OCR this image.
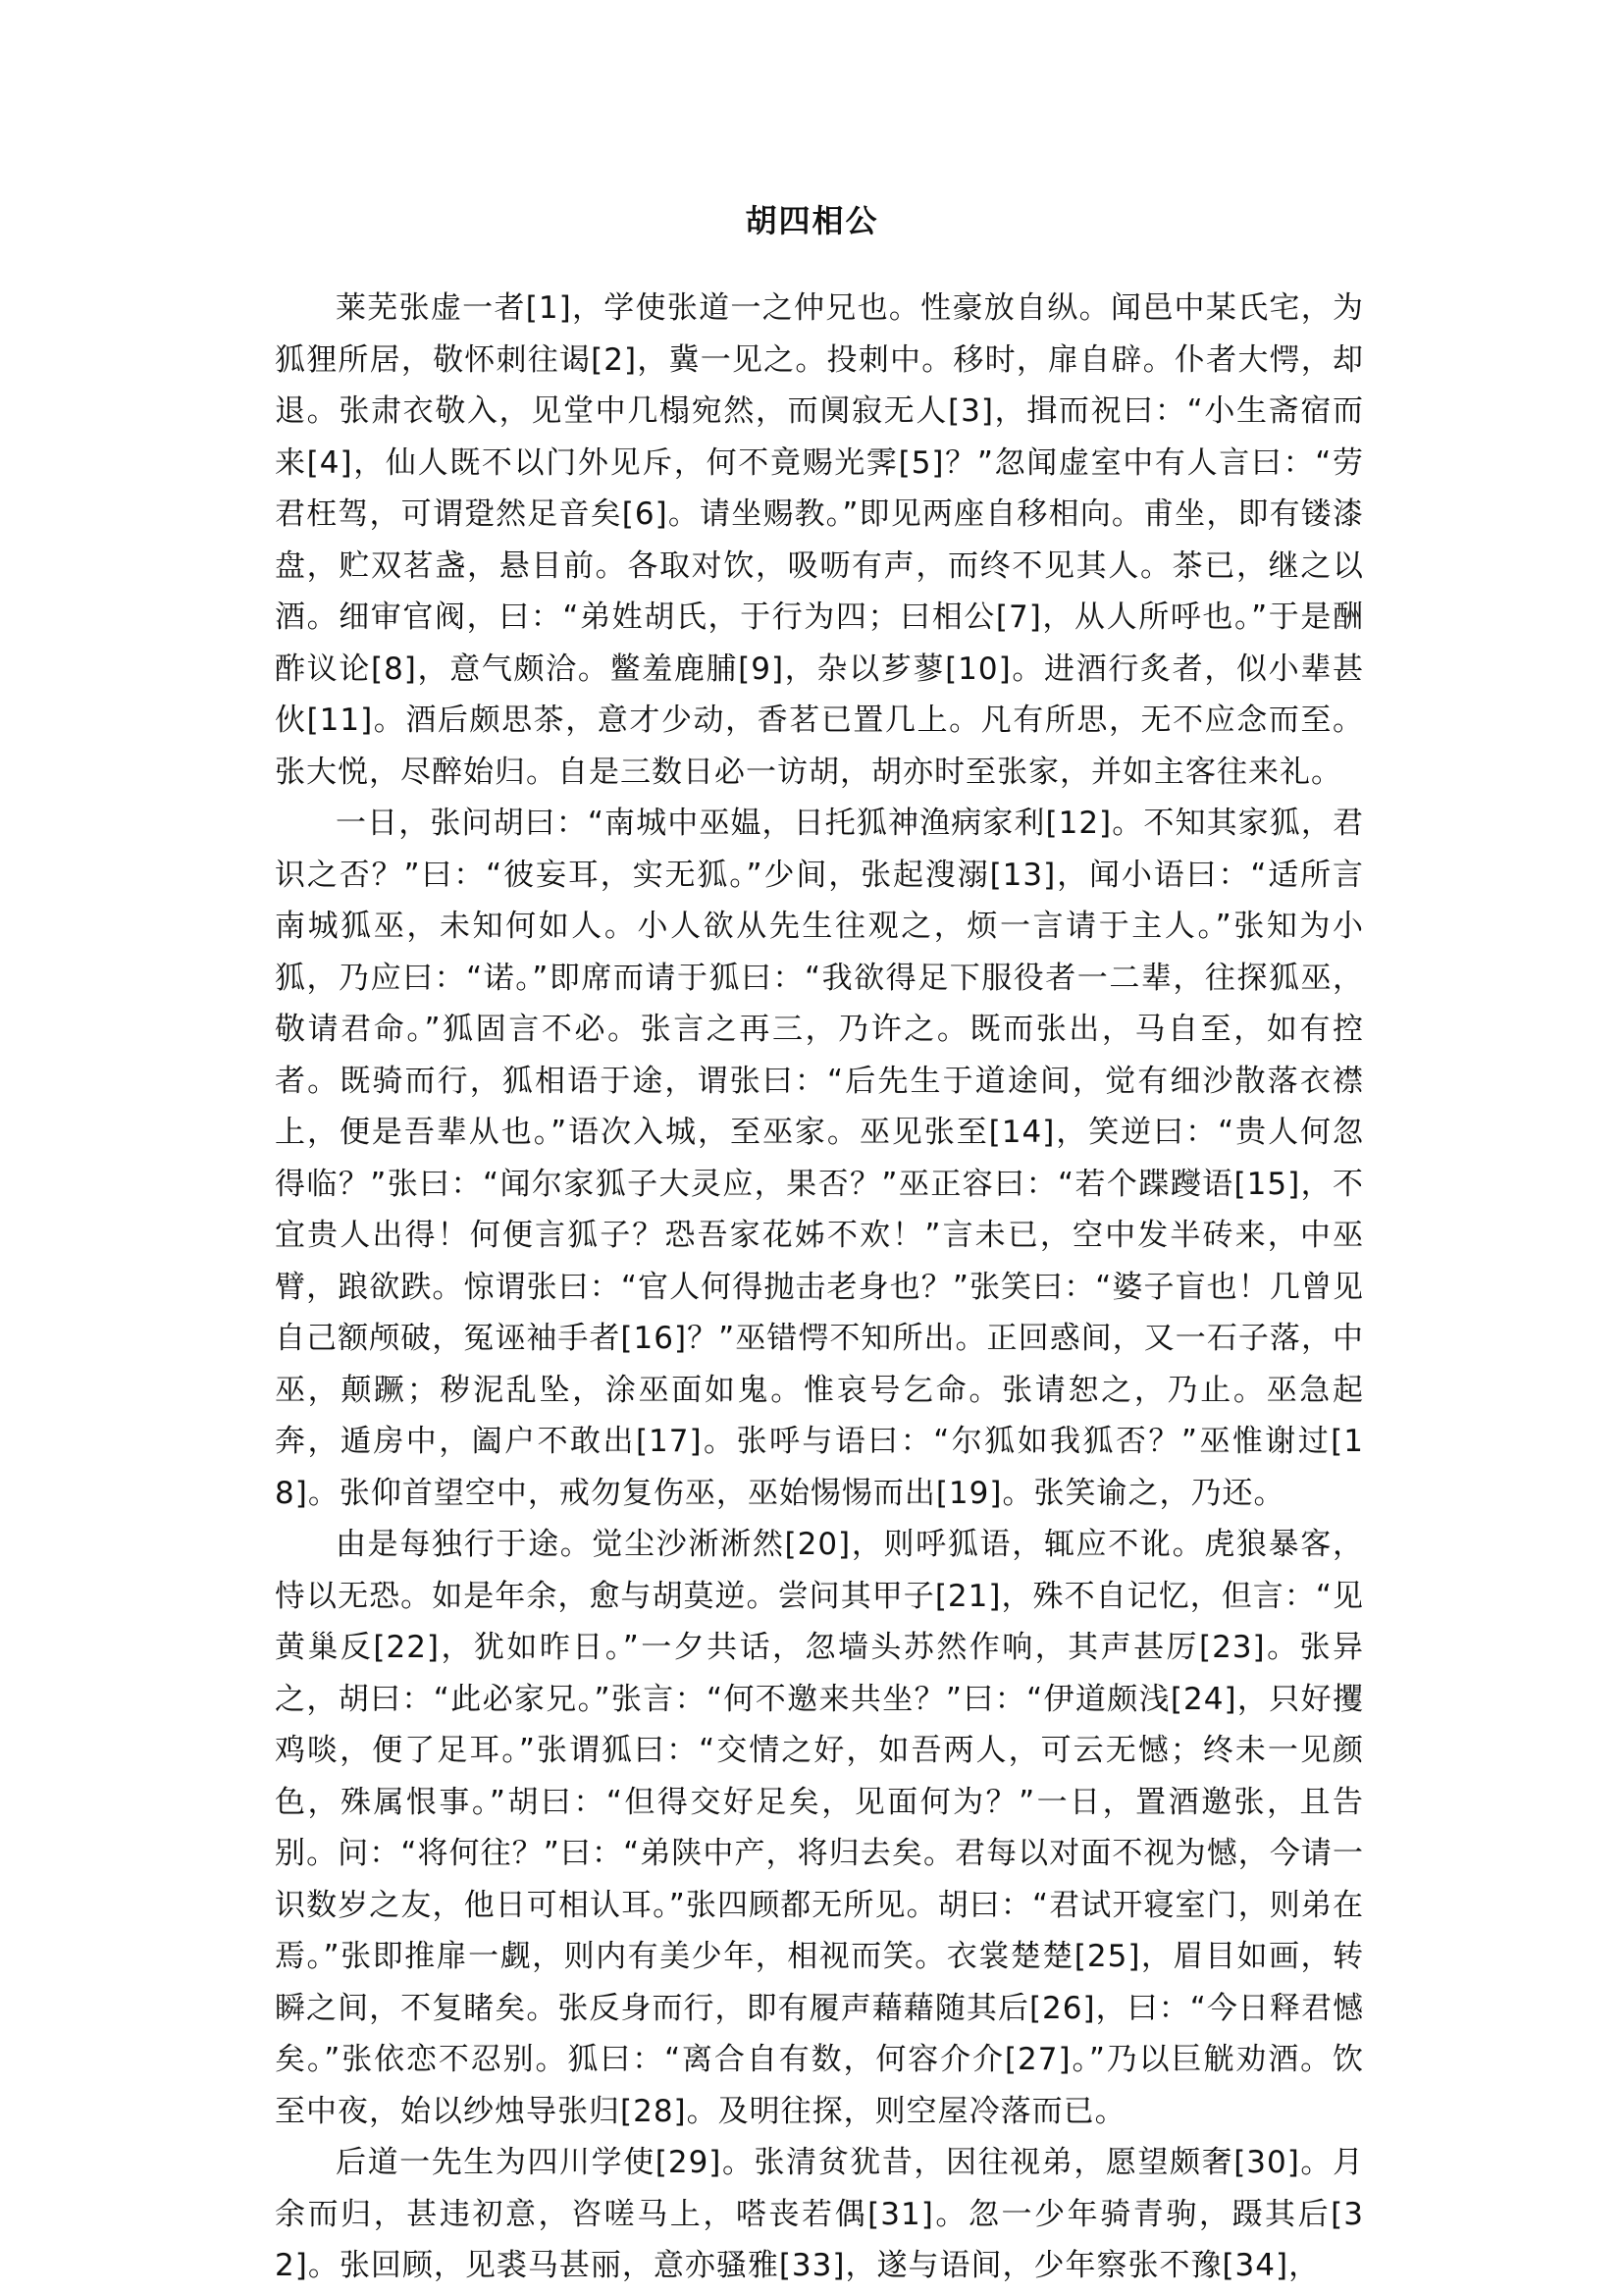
胡四相公

莱芜张虚一者[1]，学使张道一之仲兄也。性豪放自纵。闻邑中某氏宅，为狐狸所居，敬怀刺往谒[2]，冀一见之。投刺中。移时，扉自辟。仆者大愕，却退。张肃衣敬入，见堂中几榻宛然，而阒寂无人[3]，揖而祝曰：“小生斋宿而来[4]，仙人既不以门外见斥，何不竟赐光霁[5]？”忽闻虚室中有人言曰：“劳君枉驾，可谓跫然足音矣[6]。请坐赐教。”即见两座自移相向。甫坐，即有镂漆盘，贮双茗盏，悬目前。各取对饮，吸呖有声，而终不见其人。茶已，继之以酒。细审官阀，曰：“弟姓胡氏，于行为四；曰相公[7]，从人所呼也。”于是酬酢议论[8]，意气颇洽。鳖羞鹿脯[9]，杂以芗蓼[10]。进酒行炙者，似小辈甚伙[11]。酒后颇思茶，意才少动，香茗已置几上。凡有所思，无不应念而至。张大悦，尽醉始归。自是三数日必一访胡，胡亦时至张家，并如主客往来礼。

一日，张问胡曰：“南城中巫媪，日托狐神渔病家利[12]。不知其家狐，君识之否？”曰：“彼妄耳，实无狐。”少间，张起溲溺[13]，闻小语曰：“适所言南城狐巫，未知何如人。小人欲从先生往观之，烦一言请于主人。”张知为小狐，乃应曰：“诺。”即席而请于狐曰：“我欲得足下服役者一二辈，往探狐巫，敬请君命。”狐固言不必。张言之再三，乃许之。既而张出，马自至，如有控者。既骑而行，狐相语于途，谓张曰：“后先生于道途间，觉有细沙散落衣襟上，便是吾辈从也。”语次入城，至巫家。巫见张至[14]，笑逆曰：“贵人何忽得临？”张曰：“闻尔家狐子大灵应，果否？”巫正容曰：“若个蹀躞语[15]，不宜贵人出得！何便言狐子？恐吾家花姊不欢！”言未已，空中发半砖来，中巫臂，踉欲跌。惊谓张曰：“官人何得抛击老身也？”张笑曰：“婆子盲也！几曾见自己额颅破，冤诬袖手者[16]？”巫错愕不知所出。正回惑间，又一石子落，中巫，颠蹶；秽泥乱坠，涂巫面如鬼。惟哀号乞命。张请恕之，乃止。巫急起奔，遁房中，阖户不敢出[17]。张呼与语曰：“尔狐如我狐否？”巫惟谢过[18]。张仰首望空中，戒勿复伤巫，巫始惕惕而出[19]。张笑谕之，乃还。

由是每独行于途。觉尘沙淅淅然[20]，则呼狐语，辄应不讹。虎狼暴客，恃以无恐。如是年余，愈与胡莫逆。尝问其甲子[21]，殊不自记忆，但言：“见黄巢反[22]，犹如昨日。”一夕共话，忽墙头苏然作响，其声甚厉[23]。张异之，胡曰：“此必家兄。”张言：“何不邀来共坐？”曰：“伊道颇浅[24]，只好攫鸡啖，便了足耳。”张谓狐曰：“交情之好，如吾两人，可云无憾；终未一见颜色，殊属恨事。”胡曰：“但得交好足矣，见面何为？”一日，置酒邀张，且告别。问：“将何往？”曰：“弟陕中产，将归去矣。君每以对面不视为憾，今请一识数岁之友，他日可相认耳。”张四顾都无所见。胡曰：“君试开寝室门，则弟在焉。”张即推扉一觑，则内有美少年，相视而笑。衣裳楚楚[25]，眉目如画，转瞬之间，不复睹矣。张反身而行，即有履声藉藉随其后[26]，曰：“今日释君憾矣。”张依恋不忍别。狐曰：“离合自有数，何容介介[27]。”乃以巨觥劝酒。饮至中夜，始以纱烛导张归[28]。及明往探，则空屋冷落而已。

后道一先生为四川学使[29]。张清贫犹昔，因往视弟，愿望颇奢[30]。月余而归，甚违初意，咨嗟马上，嗒丧若偶[31]。忽一少年骑青驹，蹑其后[32]。张回顾，见裘马甚丽，意亦骚雅[33]，遂与语间，少年察张不豫[34]，
